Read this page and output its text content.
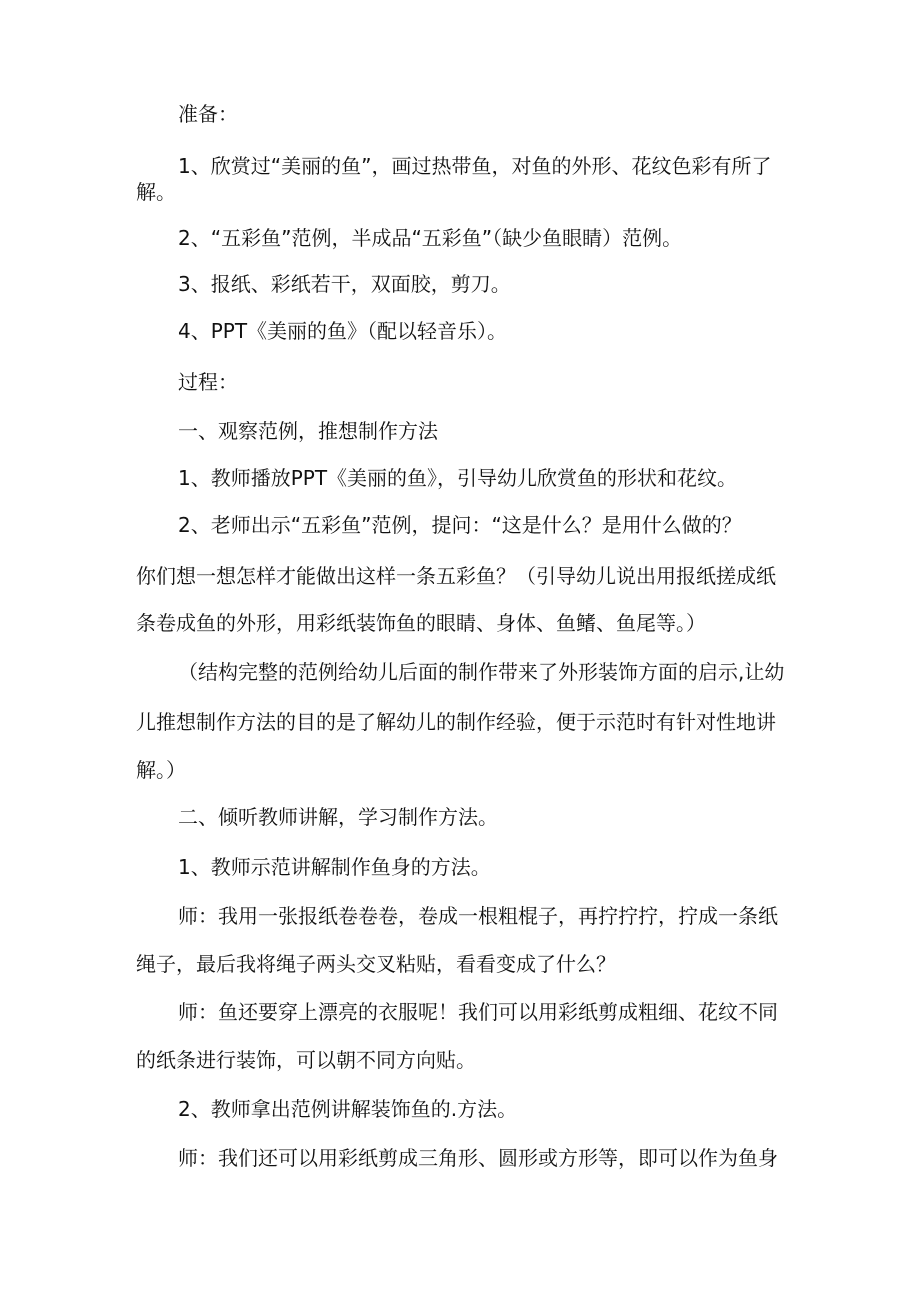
准备：

1、欣赏过“美丽的鱼”，画过热带鱼，对鱼的外形、花纹色彩有所了

解。

2、“五彩鱼”范例，半成品“五彩鱼”（缺少鱼眼睛）范例。

3、报纸、彩纸若干，双面胶，剪刀。

4、PPT《美丽的鱼》（配以轻音乐）。

过程：

一、观察范例，推想制作方法

1、教师播放PPT《美丽的鱼》，引导幼儿欣赏鱼的形状和花纹。

2、老师出示“五彩鱼”范例，提问：“这是什么？是用什么做的？

你们想一想怎样才能做出这样一条五彩鱼？（引导幼儿说出用报纸搓成纸

条卷成鱼的外形，用彩纸装饰鱼的眼睛、身体、鱼鳍、鱼尾等。）

（结构完整的范例给幼儿后面的制作带来了外形装饰方面的启示,让幼

儿推想制作方法的目的是了解幼儿的制作经验，便于示范时有针对性地讲

解。）

二、倾听教师讲解，学习制作方法。

1、教师示范讲解制作鱼身的方法。

师：我用一张报纸卷卷卷，卷成一根粗棍子，再拧拧拧，拧成一条纸

绳子，最后我将绳子两头交叉粘贴，看看变成了什么？

师：鱼还要穿上漂亮的衣服呢！我们可以用彩纸剪成粗细、花纹不同

的纸条进行装饰，可以朝不同方向贴。

2、教师拿出范例讲解装饰鱼的.方法。

师：我们还可以用彩纸剪成三角形、圆形或方形等，即可以作为鱼身
